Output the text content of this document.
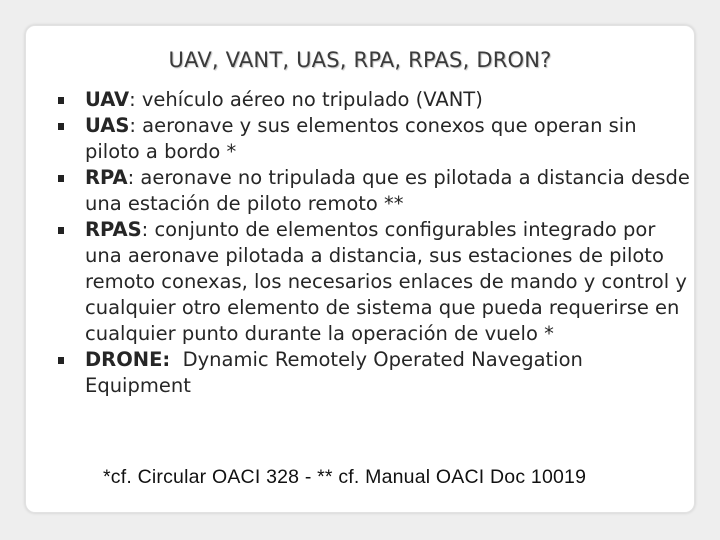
UAV, VANT, UAS, RPA, RPAS, DRON?
UAV: vehículo aéreo no tripulado (VANT)
UAS: aeronave y sus elementos conexos que operan sin piloto a bordo *
RPA: aeronave no tripulada que es pilotada a distancia desde una estación de piloto remoto **
RPAS: conjunto de elementos configurables integrado por una aeronave pilotada a distancia, sus estaciones de piloto remoto conexas, los necesarios enlaces de mando y control y cualquier otro elemento de sistema que pueda requerirse en cualquier punto durante la operación de vuelo *
DRONE: Dynamic Remotely Operated Navegation Equipment
*cf. Circular OACI 328 - ** cf. Manual OACI Doc 10019
